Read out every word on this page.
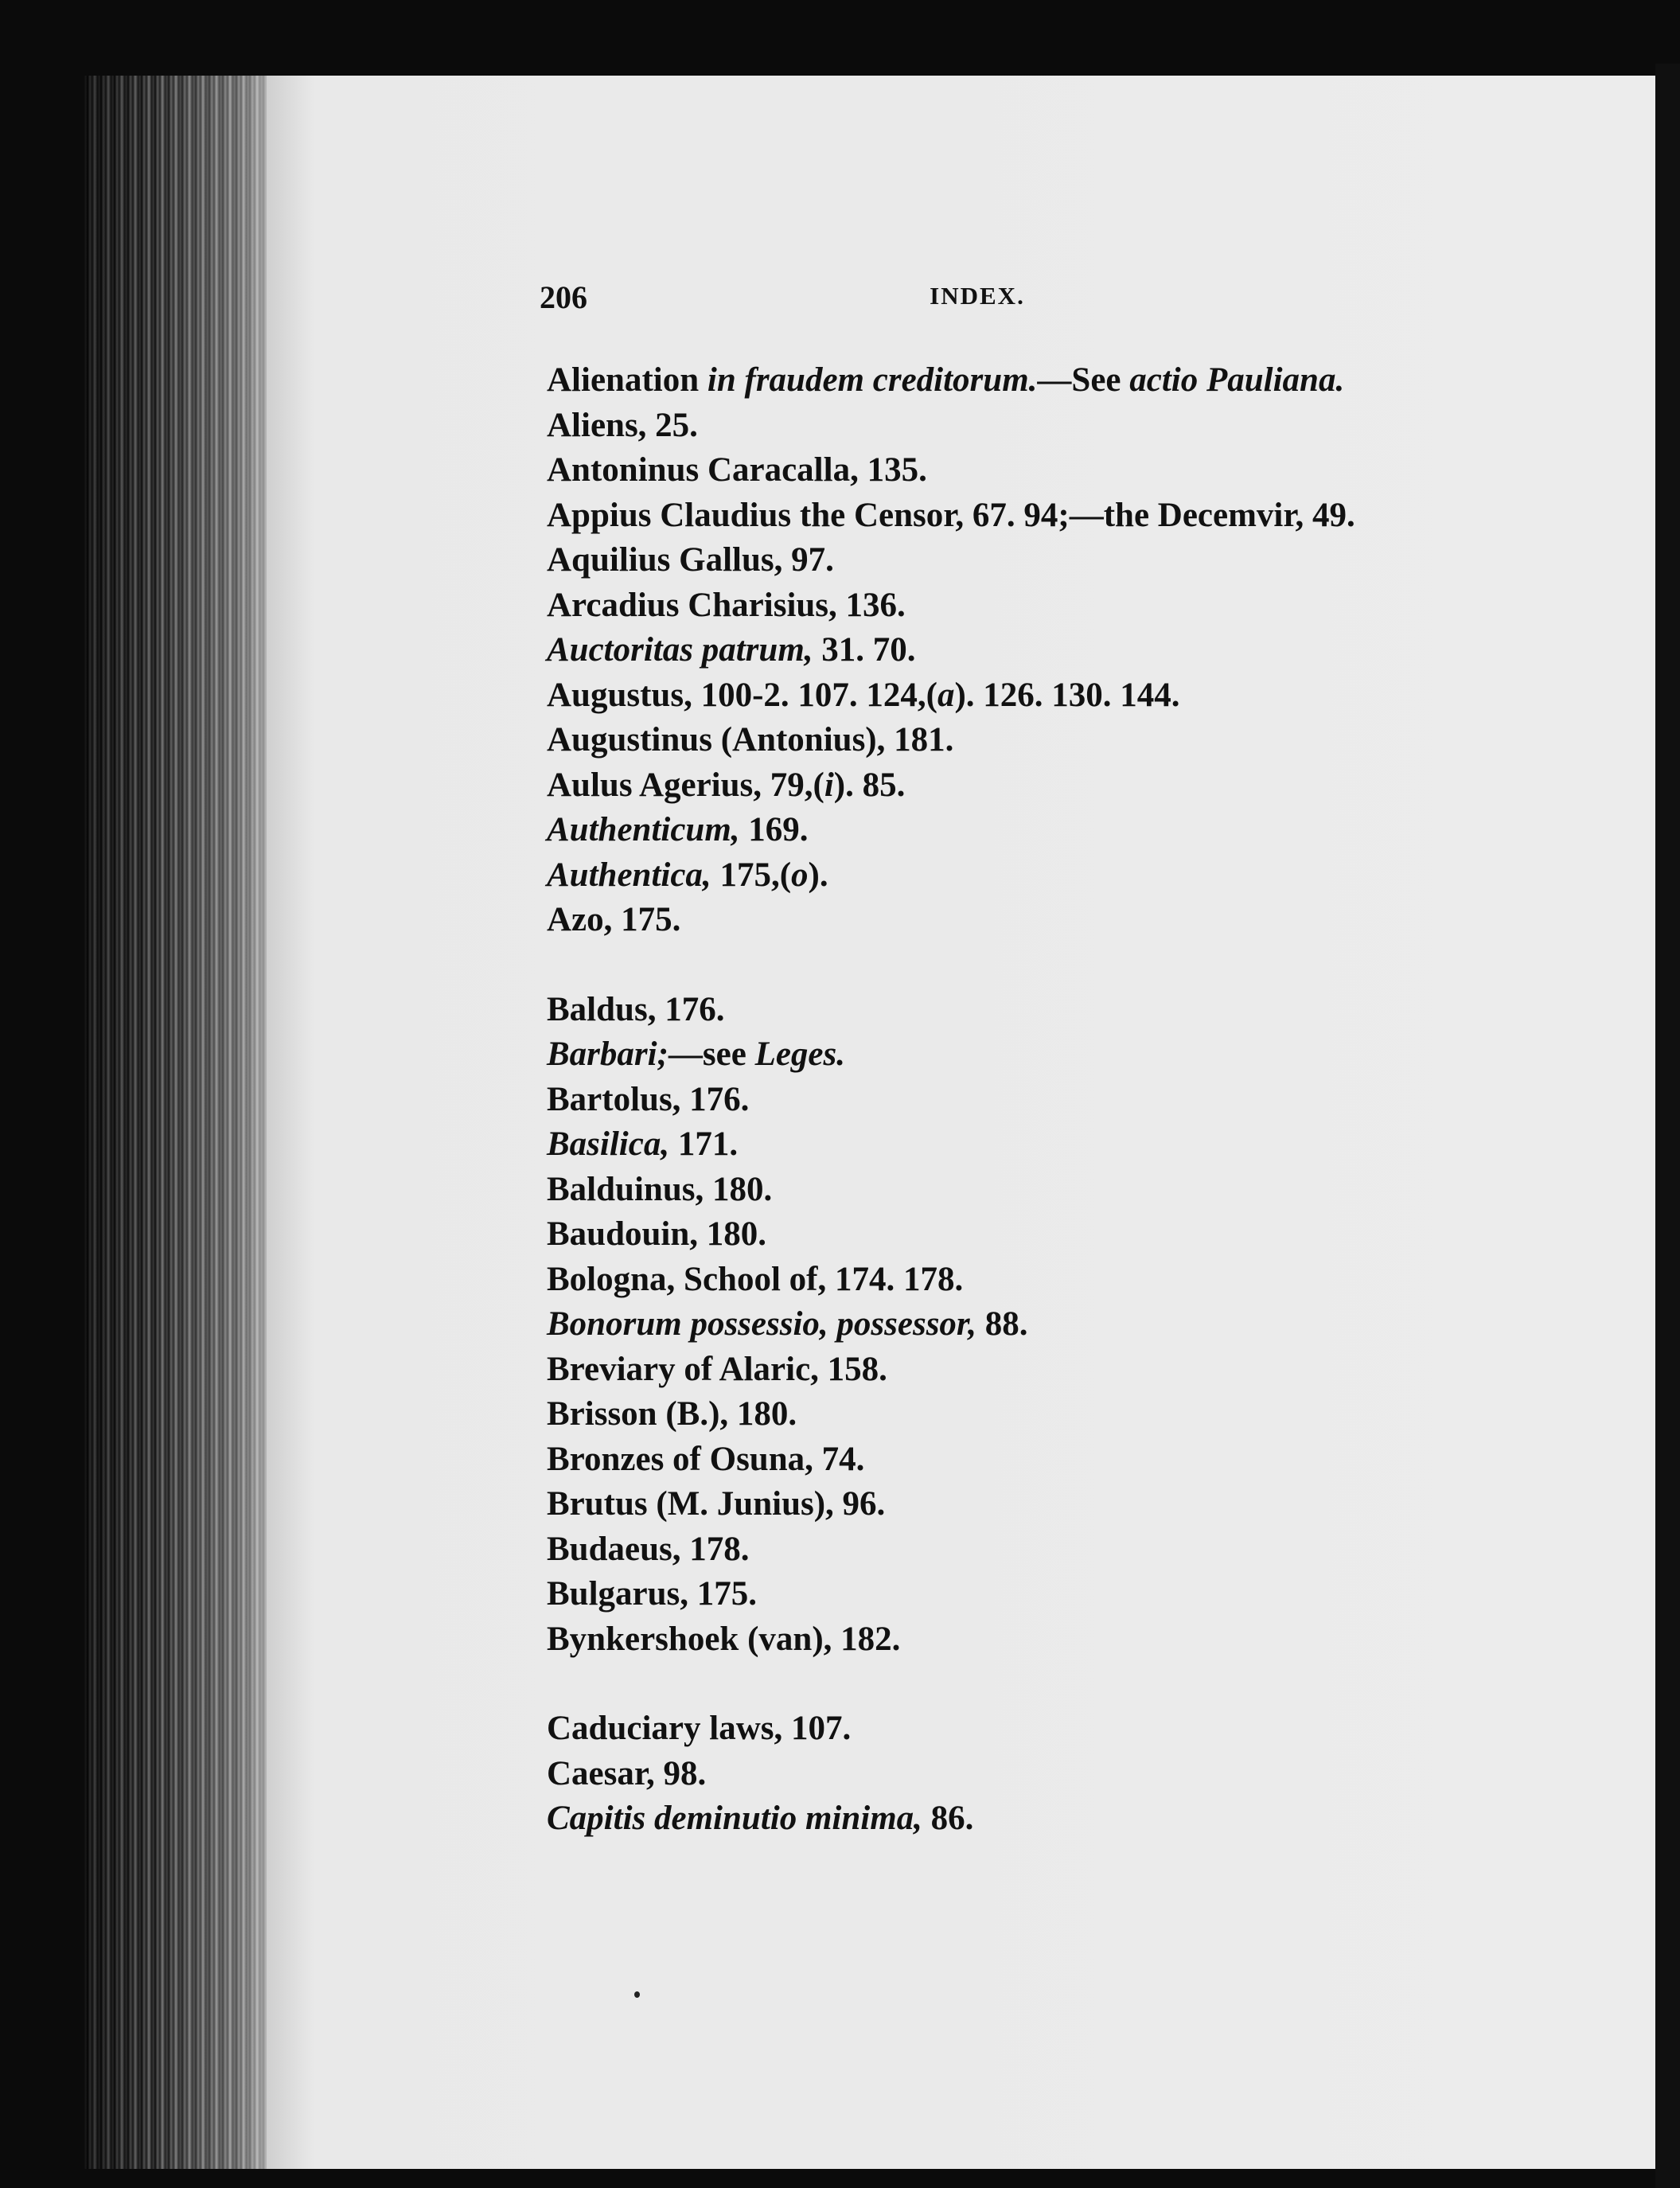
206	INDEX.
Alienation in fraudem creditorum.—See actio Pauliana.
Aliens, 25.
Antoninus Caracalla, 135.
Appius Claudius the Censor, 67. 94;—the Decemvir, 49.
Aquilius Gallus, 97.
Arcadius Charisius, 136.
Auctoritas patrum, 31. 70.
Augustus, 100-2. 107. 124,(a). 126. 130. 144.
Augustinus (Antonius), 181.
Aulus Agerius, 79,(i). 85.
Authenticum, 169.
Authentica, 175,(o).
Azo, 175.
Baldus, 176.
Barbari;—see Leges.
Bartolus, 176.
Basilica, 171.
Balduinus, 180.
Baudouin, 180.
Bologna, School of, 174. 178.
Bonorum possessio, possessor, 88.
Breviary of Alaric, 158.
Brisson (B.), 180.
Bronzes of Osuna, 74.
Brutus (M. Junius), 96.
Budaeus, 178.
Bulgarus, 175.
Bynkershoek (van), 182.
Caduciary laws, 107.
Caesar, 98.
Capitis deminutio minima, 86.
